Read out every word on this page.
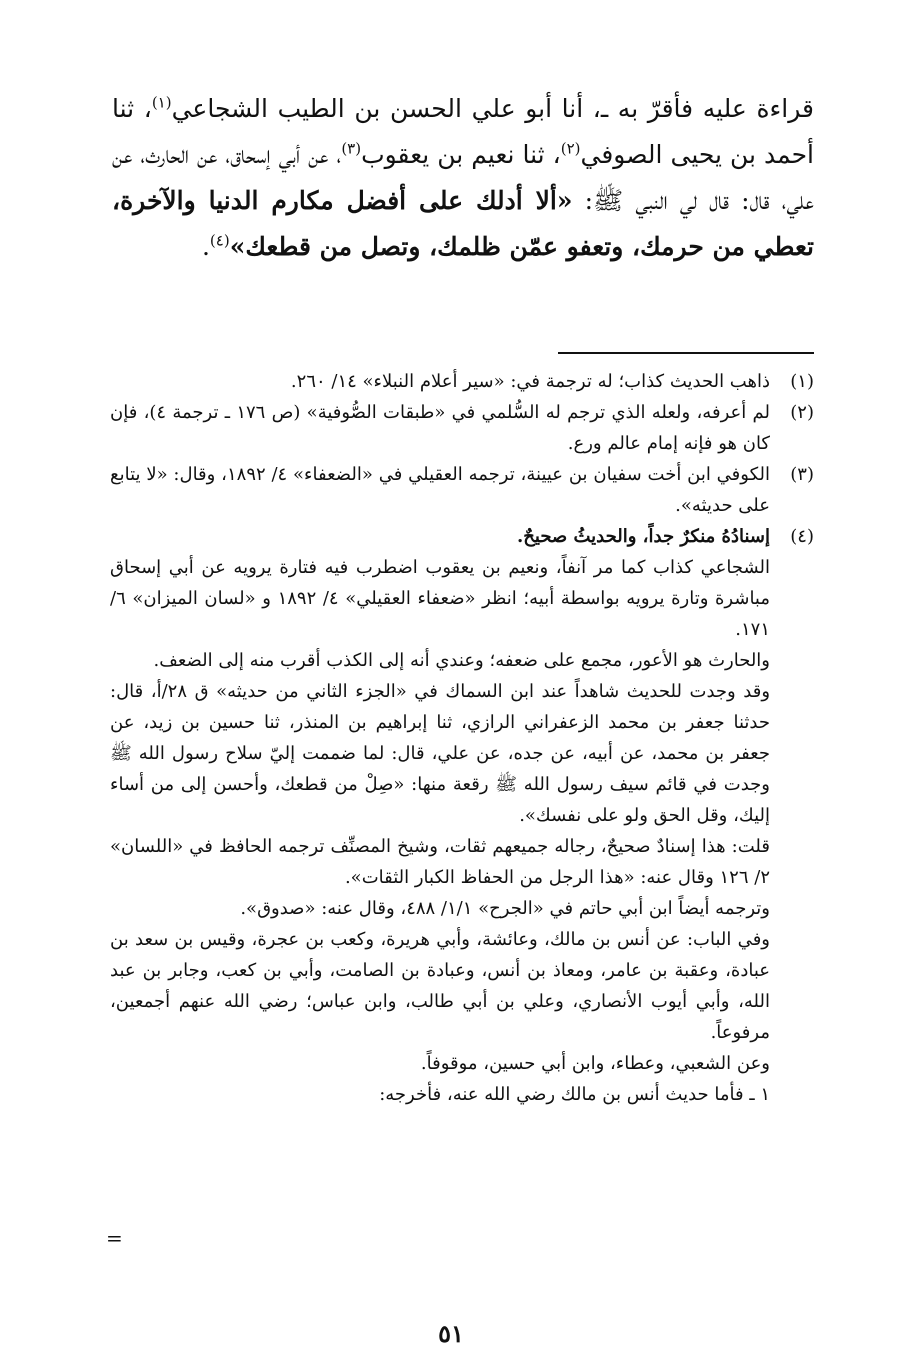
قراءة عليه فأقرّ به ـ، أنا أبو علي الحسن بن الطيب الشجاعي$^{(١)}$، ثنا أحمد بن يحيى الصوفي$^{(٢)}$، ثنا نعيم بن يعقوب$^{(٣)}$، عن أبي إسحاق، عن الحارث، عن علي، قال: قال لي النبي ﷺ: «ألا أدلك على أفضل مكارم الدنيا والآخرة، تعطي من حرمك، وتعفو عمّن ظلمك، وتصل من قطعك»$^{(٤)}$.

(١)

ذاهب الحديث كذاب؛ له ترجمة في: «سير أعلام النبلاء» ١٤/ ٢٦٠.

(٢)

لم أعرفه، ولعله الذي ترجم له السُّلمي في «طبقات الصُّوفية» (ص ١٧٦ ـ ترجمة ٤)، فإن كان هو فإنه إمام عالم ورع.

(٣)

الكوفي ابن أخت سفيان بن عيينة، ترجمه العقيلي في «الضعفاء» ٤/ ١٨٩٢، وقال: «لا يتابع على حديثه».

(٤)

إسنادُهُ منكرٌ جداً، والحديثُ صحيحٌ.

الشجاعي كذاب كما مر آنفاً، ونعيم بن يعقوب اضطرب فيه فتارة يرويه عن أبي إسحاق مباشرة وتارة يرويه بواسطة أبيه؛ انظر «ضعفاء العقيلي» ٤/ ١٨٩٢ و «لسان الميزان» ٦/ ١٧١.

والحارث هو الأعور، مجمع على ضعفه؛ وعندي أنه إلى الكذب أقرب منه إلى الضعف.

وقد وجدت للحديث شاهداً عند ابن السماك في «الجزء الثاني من حديثه» ق ٢٨/أ، قال: حدثنا جعفر بن محمد الزعفراني الرازي، ثنا إبراهيم بن المنذر، ثنا حسين بن زيد، عن جعفر بن محمد، عن أبيه، عن جده، عن علي، قال: لما ضممت إليّ سلاح رسول الله ﷺ وجدت في قائم سيف رسول الله ﷺ رقعة منها: «صِلْ من قطعك، وأحسن إلى من أساء إليك، وقل الحق ولو على نفسك».

قلت: هذا إسنادٌ صحيحٌ، رجاله جميعهم ثقات، وشيخ المصنِّف ترجمه الحافظ في «اللسان» ٢/ ١٢٦ وقال عنه: «هذا الرجل من الحفاظ الكبار الثقات».

وترجمه أيضاً ابن أبي حاتم في «الجرح» ١/١/ ٤٨٨، وقال عنه: «صدوق».

وفي الباب: عن أنس بن مالك، وعائشة، وأبي هريرة، وكعب بن عجرة، وقيس بن سعد بن عبادة، وعقبة بن عامر، ومعاذ بن أنس، وعبادة بن الصامت، وأبي بن كعب، وجابر بن عبد الله، وأبي أيوب الأنصاري، وعلي بن أبي طالب، وابن عباس؛ رضي الله عنهم أجمعين، مرفوعاً.

وعن الشعبي، وعطاء، وابن أبي حسين، موقوفاً.

١ ـ فأما حديث أنس بن مالك رضي الله عنه، فأخرجه:

=
٥١
